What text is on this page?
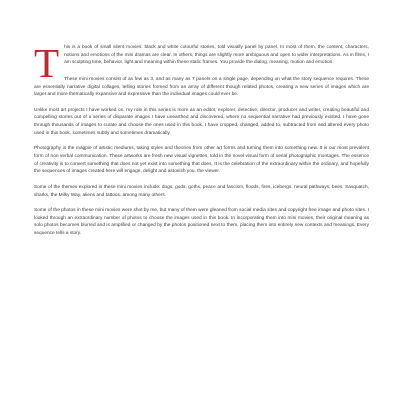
T	his is a book of small silent movies: black and white colourful stories, told visually panel by panel. In most of them, the content, characters, notions and emotions of the mini dramas are clear. In others, things are slightly more ambiguous and open to wider interpretations. As in films, I am sculpting time, behavior, light and meaning within these static frames. You provide the dialog, meaning, motion and emotion.

These mini movies consist of as few as 3, and as many as 7 panels on a single page, depending on what the story sequence requires. These are essentially narrative digital collages, telling stories formed from an array of different though related photos, creating a new series of images which are larger and more thematically expansive and expressive than the individual images could ever be.

Unlike most art projects I have worked on, my role in this series is more as an editor, explorer, detective, director, producer and writer, creating beautiful and compelling stories out of a series of disparate images I have unearthed and discovered, where no sequential narrative had previously existed. I have gone through thousands of images to curate and choose the ones used in this book. I have cropped, changed, added to, subtracted from and altered every photo used in this book, sometimes subtly and sometimes dramatically.

Photography is the magpie of artistic mediums, taking styles and theories from other art forms and turning them into something new. It is our most prevalent form of non verbal communication. These artworks are fresh new visual vignettes, told in the novel visual form of serial photographic montages. The essence of creativity is to convert something that does not yet exist into something that does. It is the celebration of the extraordinary within the ordinary, and hopefully the sequences of images created here will engage, delight and astonish you, the viewer.

Some of the themes explored in these mini movies include: dogs, gods, goths, peace and fascism, floods, fires, icebergs, neural pathways, bees, Sasquatch, sharks, the Milky Way, aliens and tattoos, among many others.

Some of the photos in these mini movies were shot by me, but many of them were gleaned from social media sites and copyright free image and photo sites. I looked through an extraordinary number of photos to choose the images used in this book. In incorporating them into mini movies, their original meaning as solo photos becomes blurred and is amplified or changed by the photos positioned next to them, placing them into entirely new contexts and meanings. Every sequence tells a story.
